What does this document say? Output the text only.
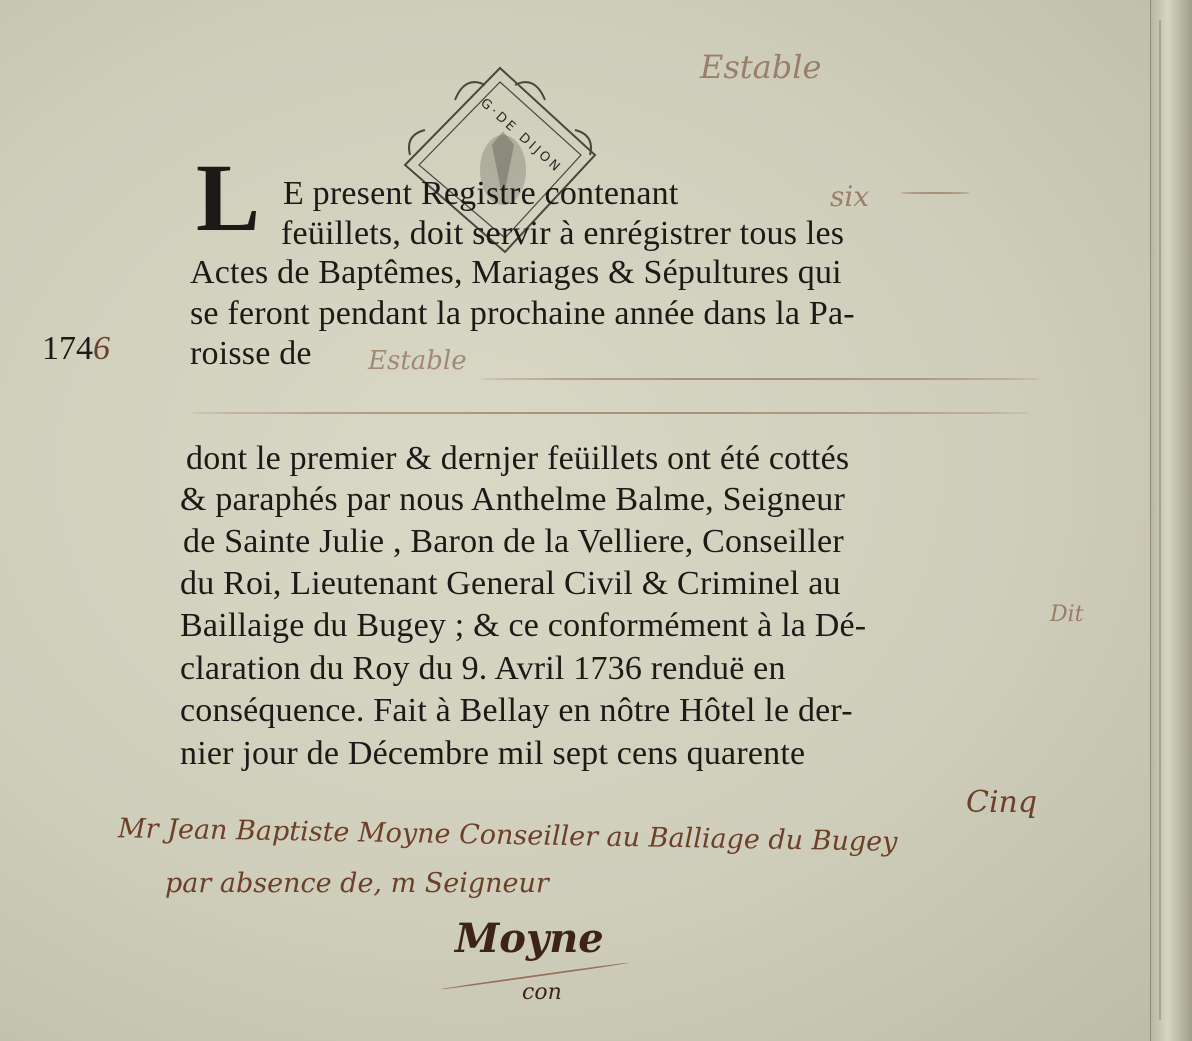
Estable
G·DE DIJON
L E present Registre contenant	six
feüillets, doit servir à enrégistrer tous les
Actes de Baptêmes, Mariages & Sépultures qui
se feront pendant la prochaine année dans la Pa-
roisse de Estable
1746
dont le premier & dernjer feüillets ont été cottés
& paraphés par nous Anthelme Balme, Seigneur
de Sainte Julie , Baron de la Velliere, Conseiller
du Roi, Lieutenant General Civil & Criminel au
Baillaige du Bugey ; & ce conformément à la Dé-
claration du Roy du 9. Avril 1736 renduë en
conséquence. Fait à Bellay en nôtre Hôtel le der-
nier jour de Décembre mil sept cens quarente
Dit
Cinq
Mr Jean Baptiste Moyne Conseiller au Balliage du Bugey
par absence de, m Seigneur
Moyne
con
